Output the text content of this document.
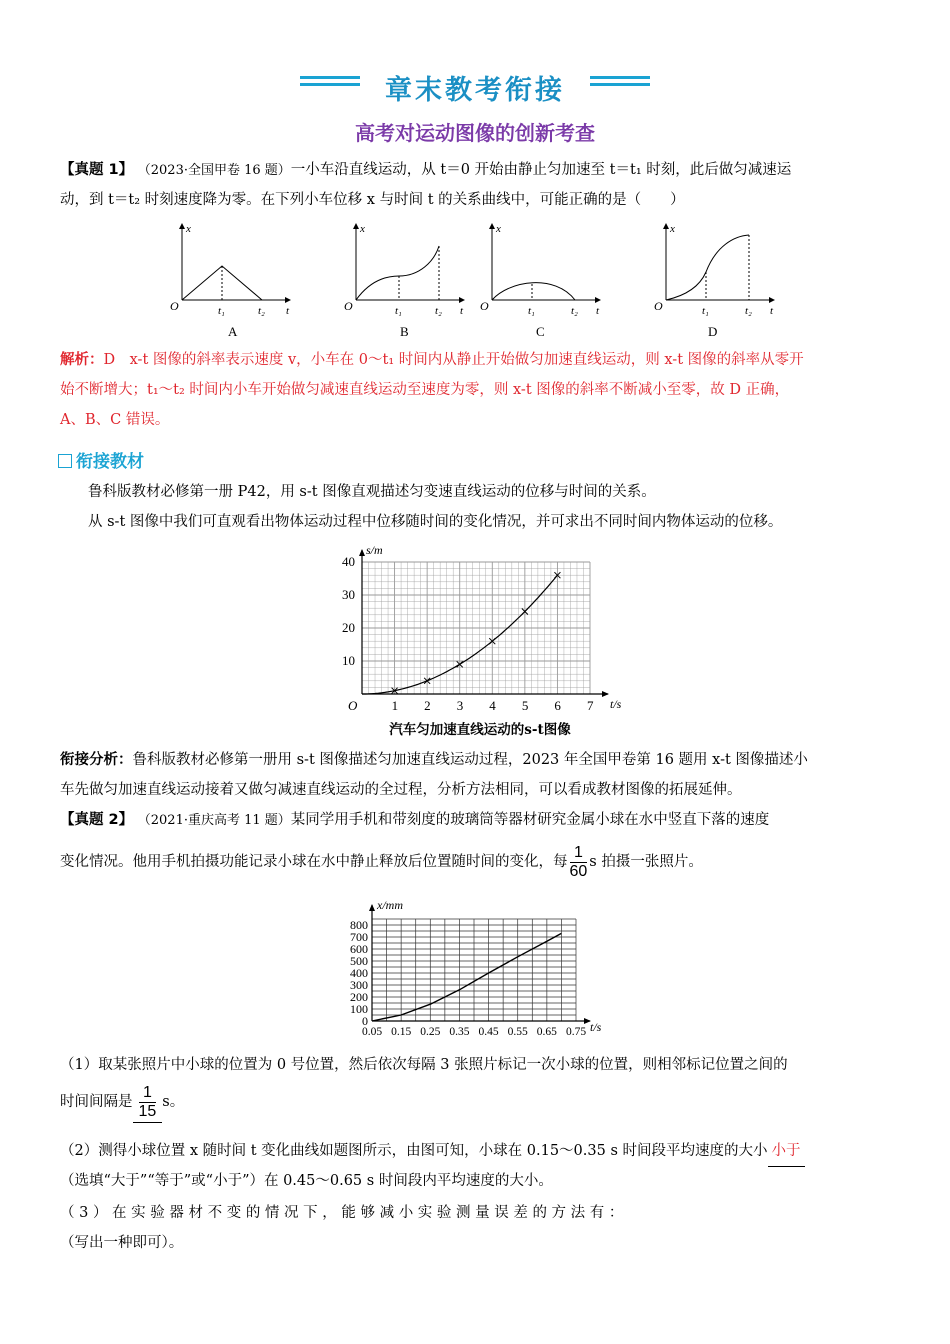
章末教考衔接
高考对运动图像的创新考查
【真题 1】 （2023·全国甲卷 16 题）一小车沿直线运动，从 t＝0 开始由静止匀加速至 t＝t₁ 时刻，此后做匀减速运
动，到 t＝t₂ 时刻速度降为零。在下列小车位移 x 与时间 t 的关系曲线中，可能正确的是（　　）
x
O	t₁	t₂ t
A
x
O	t₁	t₂ t
B
x
O	t₁	t₂ t
C
x
O	t₁	t₂ t
D
解析：D　x-t 图像的斜率表示速度 v，小车在 0～t₁ 时间内从静止开始做匀加速直线运动，则 x-t 图像的斜率从零开
始不断增大；t₁～t₂ 时间内小车开始做匀减速直线运动至速度为零，则 x-t 图像的斜率不断减小至零，故 D 正确，
A、B、C 错误。
衔接教材
鲁科版教材必修第一册 P42，用 s-t 图像直观描述匀变速直线运动的位移与时间的关系。
从 s-t 图像中我们可直观看出物体运动过程中位移随时间的变化情况，并可求出不同时间内物体运动的位移。
s/m
t/s
O	1 2 3 4 5 6 7
10
20
30
40
汽车匀加速直线运动的s-t图像
衔接分析：鲁科版教材必修第一册用 s-t 图像描述匀加速直线运动过程，2023 年全国甲卷第 16 题用 x-t 图像描述小
车先做匀加速直线运动接着又做匀减速直线运动的全过程，分析方法相同，可以看成教材图像的拓展延伸。
【真题 2】 （2021·重庆高考 11 题）某同学用手机和带刻度的玻璃筒等器材研究金属小球在水中竖直下落的速度
变化情况。他用手机拍摄功能记录小球在水中静止释放后位置随时间的变化，每 $\frac{1}{60}$ s 拍摄一张照片。
x/mm
t/s
0
100
200
300
400
500
600
700
800
0.05 0.15 0.25 0.35 0.45 0.55 0.65 0.75
（1）取某张照片中小球的位置为 0 号位置，然后依次每隔 3 张照片标记一次小球的位置，则相邻标记位置之间的
时间间隔是 $\frac{1}{15}$ s。
（2）测得小球位置 x 随时间 t 变化曲线如题图所示，由图可知，小球在 0.15～0.35 s 时间段平均速度的大小 小于
（选填“大于”“等于”或“小于”）在 0.45～0.65 s 时间段内平均速度的大小。
（ 3 ） 在 实 验 器 材 不 变 的 情 况 下 ， 能 够 减 小 实 验 测 量 误 差 的 方 法 有 ：
（写出一种即可）。
